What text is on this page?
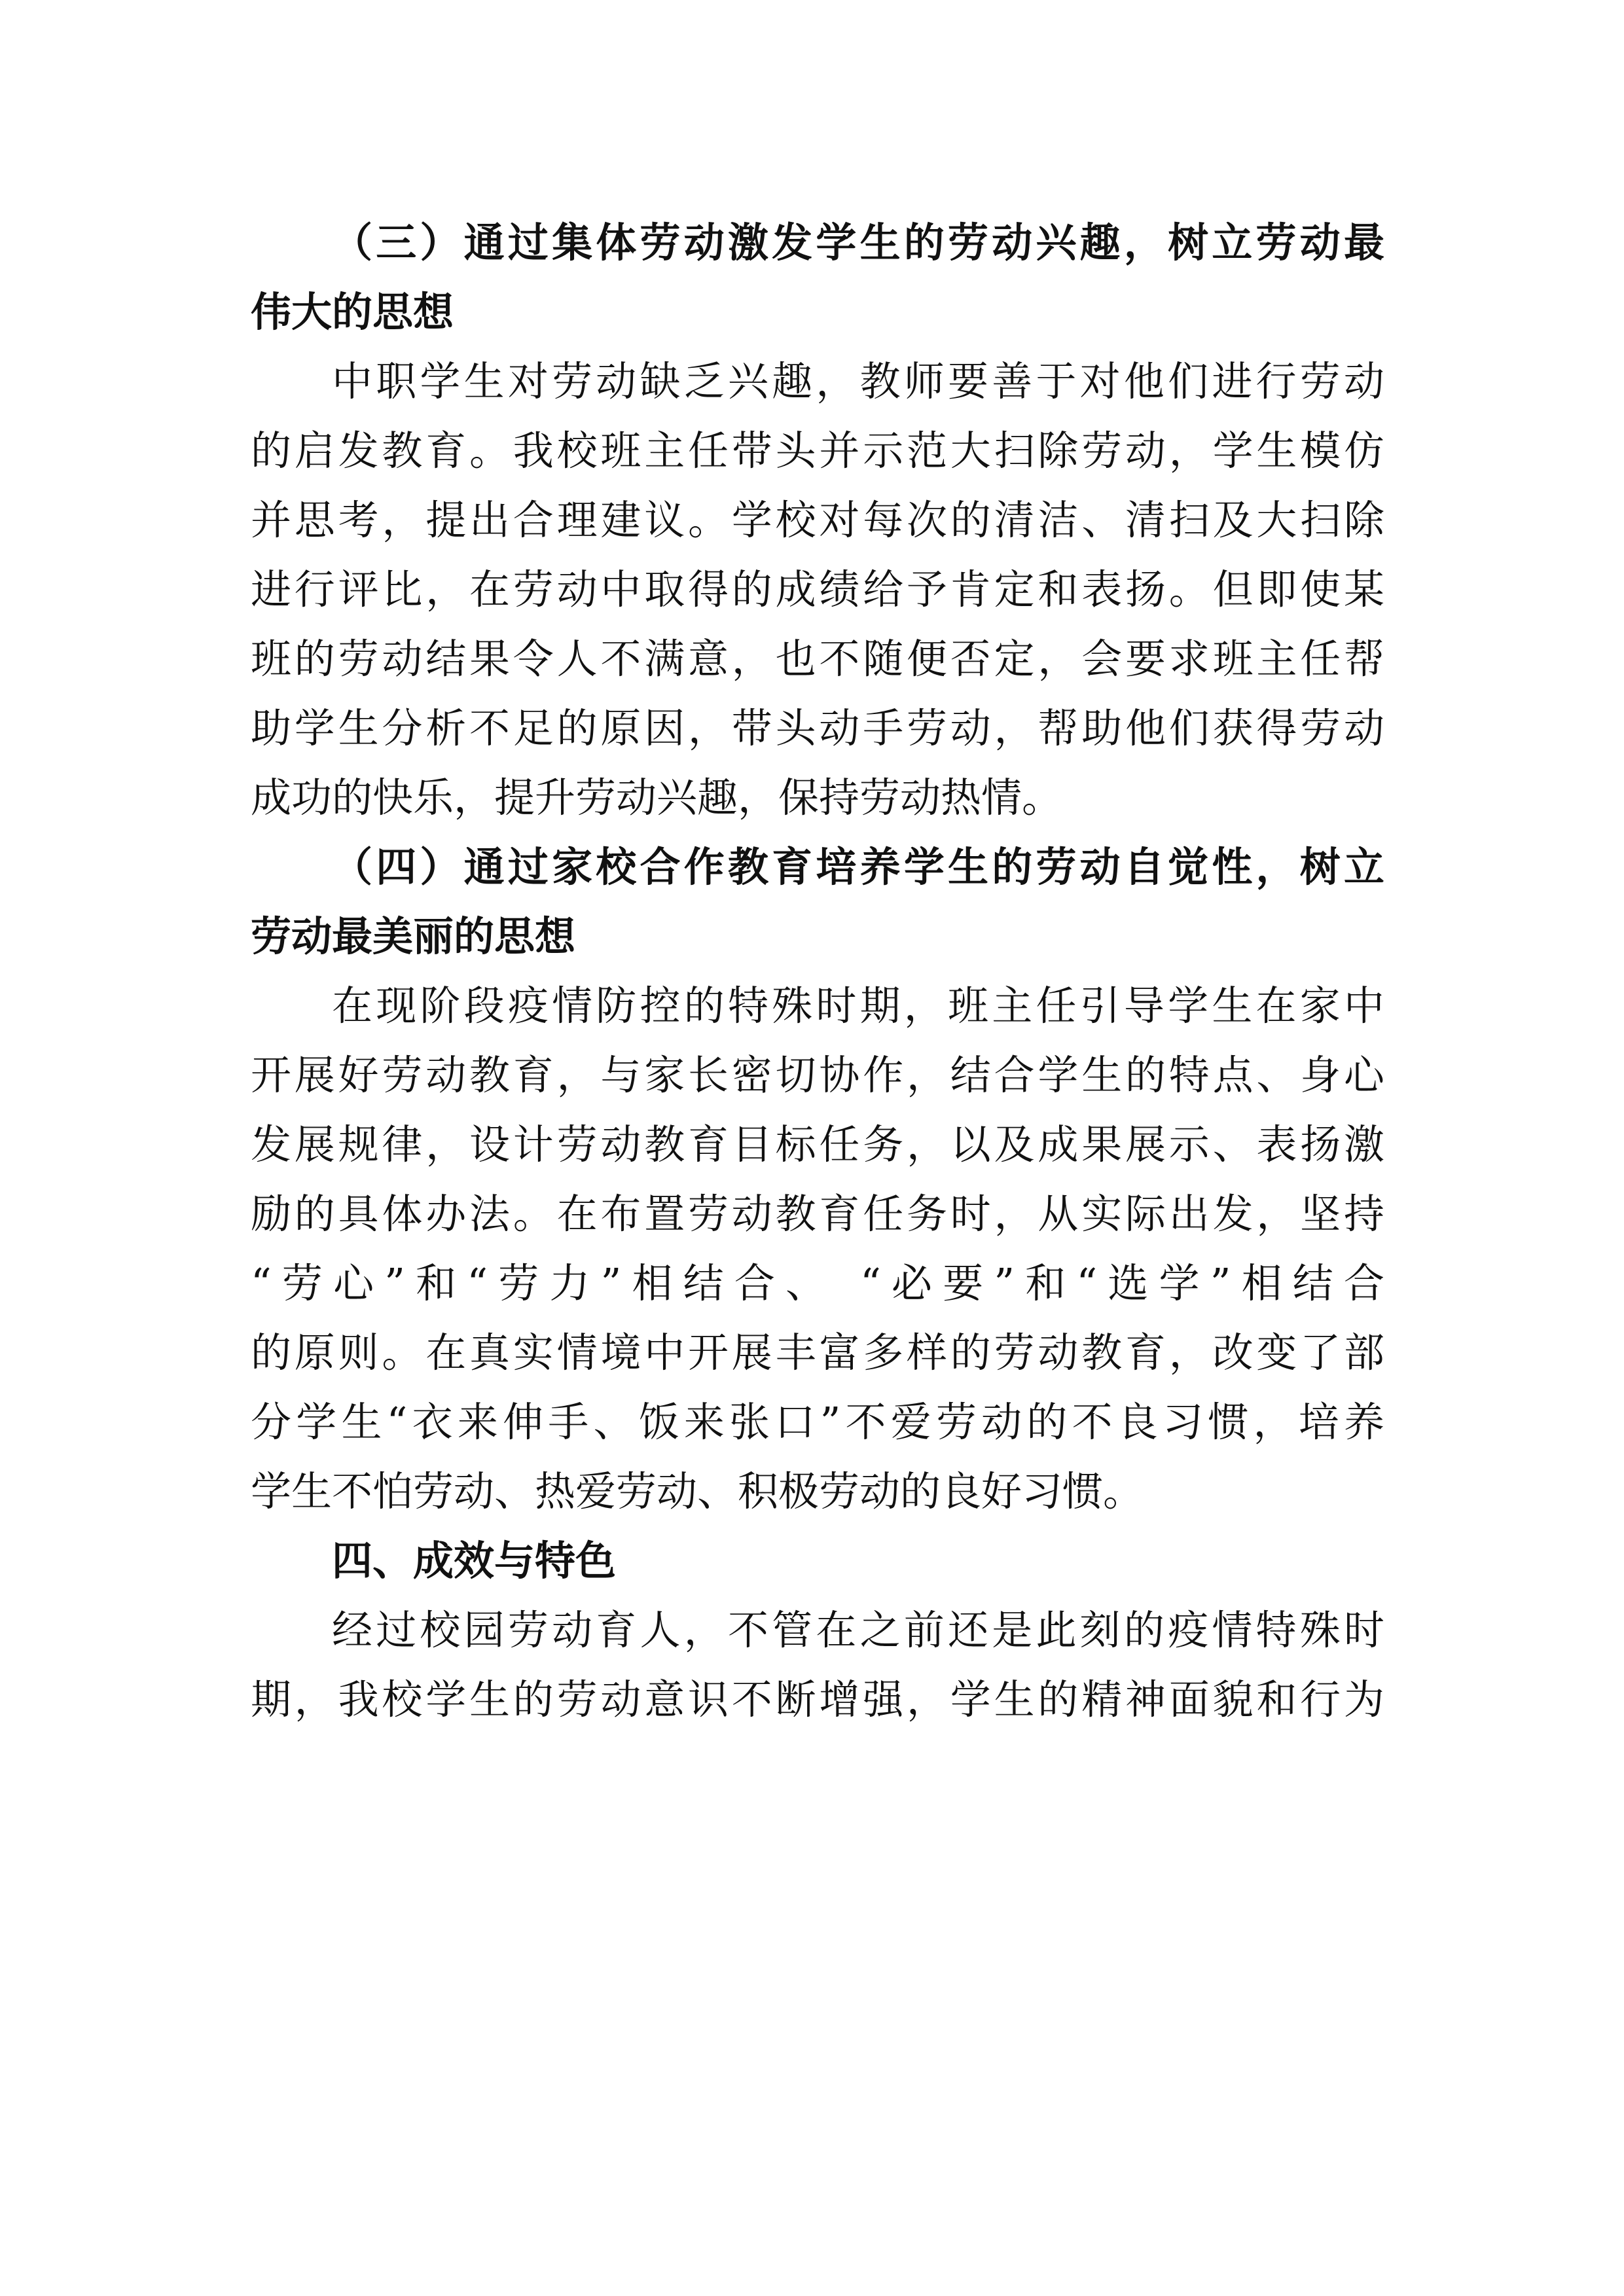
（三）通过集体劳动激发学生的劳动兴趣，树立劳动最
伟大的思想
中职学生对劳动缺乏兴趣，教师要善于对他们进行劳动
的启发教育。我校班主任带头并示范大扫除劳动，学生模仿
并思考，提出合理建议。学校对每次的清洁、清扫及大扫除
进行评比，在劳动中取得的成绩给予肯定和表扬。但即使某
班的劳动结果令人不满意，也不随便否定，会要求班主任帮
助学生分析不足的原因，带头动手劳动，帮助他们获得劳动
成功的快乐，提升劳动兴趣，保持劳动热情。
（四）通过家校合作教育培养学生的劳动自觉性，树立
劳动最美丽的思想
在现阶段疫情防控的特殊时期，班主任引导学生在家中
开展好劳动教育，与家长密切协作，结合学生的特点、身心
发展规律，设计劳动教育目标任务，以及成果展示、表扬激
励的具体办法。在布置劳动教育任务时，从实际出发，坚持
“劳心”和“劳力”相结合、 “必要”和“选学”相结合
的原则。在真实情境中开展丰富多样的劳动教育，改变了部
分学生“衣来伸手、饭来张口”不爱劳动的不良习惯，培养
学生不怕劳动、热爱劳动、积极劳动的良好习惯。
四、成效与特色
经过校园劳动育人，不管在之前还是此刻的疫情特殊时
期，我校学生的劳动意识不断增强，学生的精神面貌和行为
